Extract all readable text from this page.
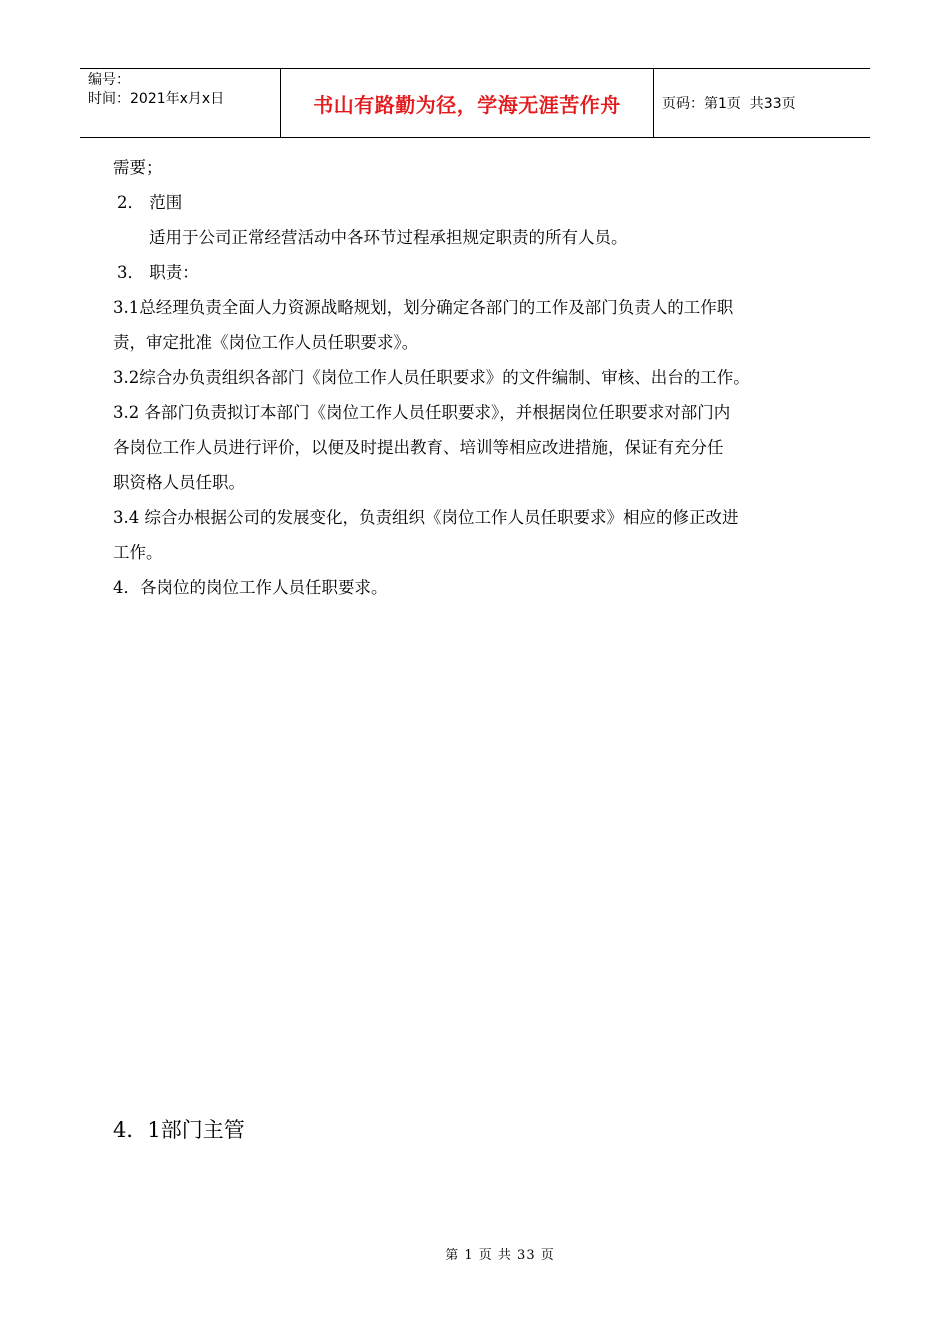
编号：
时间：2021年x月x日	书山有路勤为径，学海无涯苦作舟	页码：第1页  共33页

需要；

2． 范围

适用于公司正常经营活动中各环节过程承担规定职责的所有人员。

3． 职责：

3.1总经理负责全面人力资源战略规划，划分确定各部门的工作及部门负责人的工作职

责，审定批准《岗位工作人员任职要求》。

3.2综合办负责组织各部门《岗位工作人员任职要求》的文件编制、审核、出台的工作。

3.2 各部门负责拟订本部门《岗位工作人员任职要求》，并根据岗位任职要求对部门内

各岗位工作人员进行评价，以便及时提出教育、培训等相应改进措施，保证有充分任

职资格人员任职。

3.4 综合办根据公司的发展变化，负责组织《岗位工作人员任职要求》相应的修正改进

工作。

4．各岗位的岗位工作人员任职要求。

4．1部门主管
第 1 页 共 33 页
